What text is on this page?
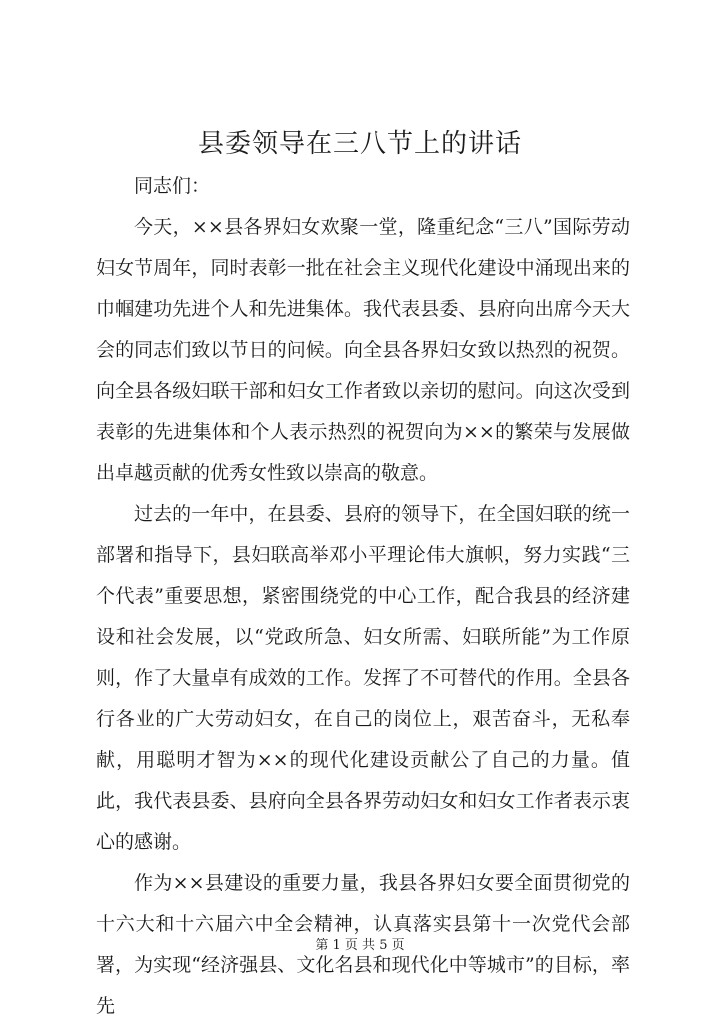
县委领导在三八节上的讲话

同志们：

今天，××县各界妇女欢聚一堂，隆重纪念“三八”国际劳动妇女节周年，同时表彰一批在社会主义现代化建设中涌现出来的巾帼建功先进个人和先进集体。我代表县委、县府向出席今天大会的同志们致以节日的问候。向全县各界妇女致以热烈的祝贺。向全县各级妇联干部和妇女工作者致以亲切的慰问。向这次受到表彰的先进集体和个人表示热烈的祝贺向为××的繁荣与发展做出卓越贡献的优秀女性致以崇高的敬意。

过去的一年中，在县委、县府的领导下，在全国妇联的统一部署和指导下，县妇联高举邓小平理论伟大旗帜，努力实践“三个代表”重要思想，紧密围绕党的中心工作，配合我县的经济建设和社会发展，以“党政所急、妇女所需、妇联所能”为工作原则，作了大量卓有成效的工作。发挥了不可替代的作用。全县各行各业的广大劳动妇女，在自己的岗位上，艰苦奋斗，无私奉献，用聪明才智为××的现代化建设贡献公了自己的力量。值此，我代表县委、县府向全县各界劳动妇女和妇女工作者表示衷心的感谢。

作为××县建设的重要力量，我县各界妇女要全面贯彻党的十六大和十六届六中全会精神，认真落实县第十一次党代会部署，为实现“经济强县、文化名县和现代化中等城市”的目标，率先

第 1 页 共 5 页
